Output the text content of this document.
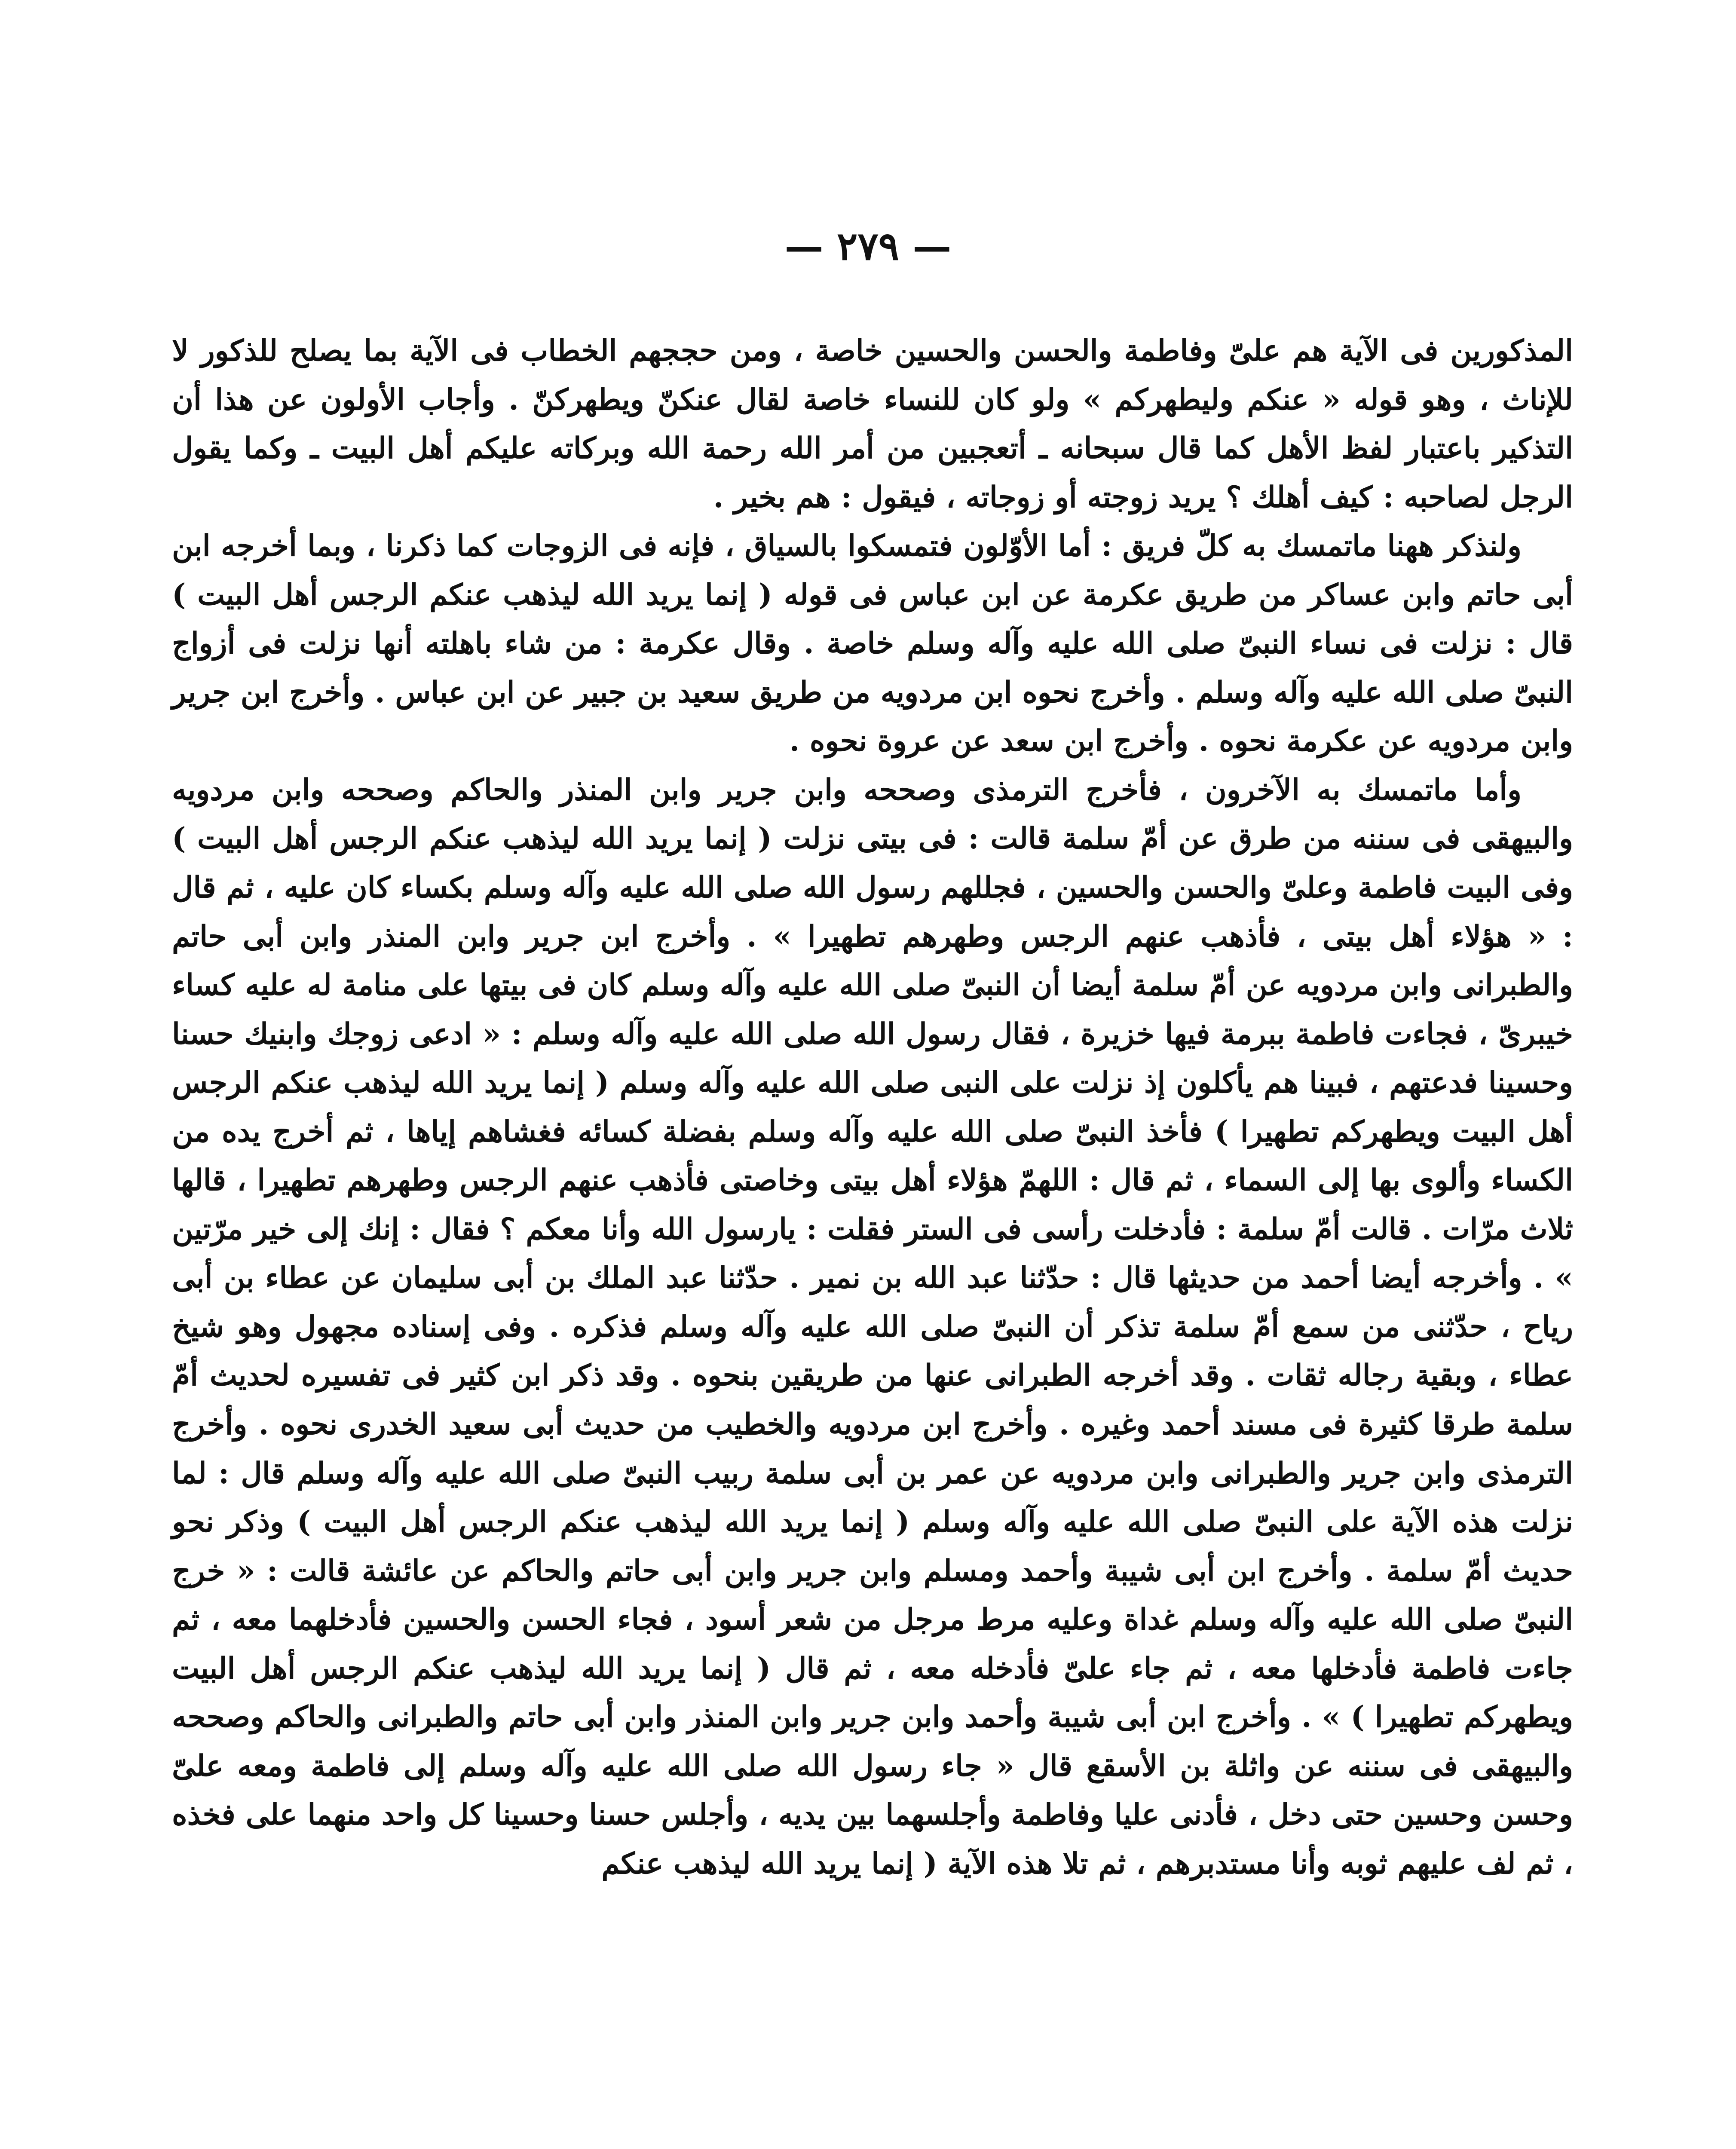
— ٢٧٩ —

المذكورين فى الآية هم علىّ وفاطمة والحسن والحسين خاصة ، ومن حججهم الخطاب فى الآية بما يصلح للذكور لا للإناث ، وهو قوله « عنكم وليطهركم » ولو كان للنساء خاصة لقال عنكنّ ويطهركنّ . وأجاب الأولون عن هذا أن التذكير باعتبار لفظ الأهل كما قال سبحانه ـ أتعجبين من أمر الله رحمة الله وبركاته عليكم أهل البيت ـ وكما يقول الرجل لصاحبه : كيف أهلك ؟ يريد زوجته أو زوجاته ، فيقول : هم بخير .

ولنذكر ههنا ماتمسك به كلّ فريق : أما الأوّلون فتمسكوا بالسياق ، فإنه فى الزوجات كما ذكرنا ، وبما أخرجه ابن أبى حاتم وابن عساكر من طريق عكرمة عن ابن عباس فى قوله ( إنما يريد الله ليذهب عنكم الرجس أهل البيت ) قال : نزلت فى نساء النبىّ صلى الله عليه وآله وسلم خاصة . وقال عكرمة : من شاء باهلته أنها نزلت فى أزواج النبىّ صلى الله عليه وآله وسلم . وأخرج نحوه ابن مردويه من طريق سعيد بن جبير عن ابن عباس . وأخرج ابن جرير وابن مردويه عن عكرمة نحوه . وأخرج ابن سعد عن عروة نحوه .

وأما ماتمسك به الآخرون ، فأخرج الترمذى وصححه وابن جرير وابن المنذر والحاكم وصححه وابن مردويه والبيهقى فى سننه من طرق عن أمّ سلمة قالت : فى بيتى نزلت ( إنما يريد الله ليذهب عنكم الرجس أهل البيت ) وفى البيت فاطمة وعلىّ والحسن والحسين ، فجللهم رسول الله صلى الله عليه وآله وسلم بكساء كان عليه ، ثم قال : « هؤلاء أهل بيتى ، فأذهب عنهم الرجس وطهرهم تطهيرا » . وأخرج ابن جرير وابن المنذر وابن أبى حاتم والطبرانى وابن مردويه عن أمّ سلمة أيضا أن النبىّ صلى الله عليه وآله وسلم كان فى بيتها على منامة له عليه كساء خيبرىّ ، فجاءت فاطمة ببرمة فيها خزيرة ، فقال رسول الله صلى الله عليه وآله وسلم : « ادعى زوجك وابنيك حسنا وحسينا فدعتهم ، فبينا هم يأكلون إذ نزلت على النبى صلى الله عليه وآله وسلم ( إنما يريد الله ليذهب عنكم الرجس أهل البيت ويطهركم تطهيرا ) فأخذ النبىّ صلى الله عليه وآله وسلم بفضلة كسائه فغشاهم إياها ، ثم أخرج يده من الكساء وألوى بها إلى السماء ، ثم قال : اللهمّ هؤلاء أهل بيتى وخاصتى فأذهب عنهم الرجس وطهرهم تطهيرا ، قالها ثلاث مرّات . قالت أمّ سلمة : فأدخلت رأسى فى الستر فقلت : يارسول الله وأنا معكم ؟ فقال : إنك إلى خير مرّتين » . وأخرجه أيضا أحمد من حديثها قال : حدّثنا عبد الله بن نمير . حدّثنا عبد الملك بن أبى سليمان عن عطاء بن أبى رياح ، حدّثنى من سمع أمّ سلمة تذكر أن النبىّ صلى الله عليه وآله وسلم فذكره . وفى إسناده مجهول وهو شيخ عطاء ، وبقية رجاله ثقات . وقد أخرجه الطبرانى عنها من طريقين بنحوه . وقد ذكر ابن كثير فى تفسيره لحديث أمّ سلمة طرقا كثيرة فى مسند أحمد وغيره . وأخرج ابن مردويه والخطيب من حديث أبى سعيد الخدرى نحوه . وأخرج الترمذى وابن جرير والطبرانى وابن مردويه عن عمر بن أبى سلمة ربيب النبىّ صلى الله عليه وآله وسلم قال : لما نزلت هذه الآية على النبىّ صلى الله عليه وآله وسلم ( إنما يريد الله ليذهب عنكم الرجس أهل البيت ) وذكر نحو حديث أمّ سلمة . وأخرج ابن أبى شيبة وأحمد ومسلم وابن جرير وابن أبى حاتم والحاكم عن عائشة قالت : « خرج النبىّ صلى الله عليه وآله وسلم غداة وعليه مرط مرجل من شعر أسود ، فجاء الحسن والحسين فأدخلهما معه ، ثم جاءت فاطمة فأدخلها معه ، ثم جاء علىّ فأدخله معه ، ثم قال ( إنما يريد الله ليذهب عنكم الرجس أهل البيت ويطهركم تطهيرا ) » . وأخرج ابن أبى شيبة وأحمد وابن جرير وابن المنذر وابن أبى حاتم والطبرانى والحاكم وصححه والبيهقى فى سننه عن واثلة بن الأسقع قال « جاء رسول الله صلى الله عليه وآله وسلم إلى فاطمة ومعه علىّ وحسن وحسين حتى دخل ، فأدنى عليا وفاطمة وأجلسهما بين يديه ، وأجلس حسنا وحسينا كل واحد منهما على فخذه ، ثم لف عليهم ثوبه وأنا مستدبرهم ، ثم تلا هذه الآية ( إنما يريد الله ليذهب عنكم
